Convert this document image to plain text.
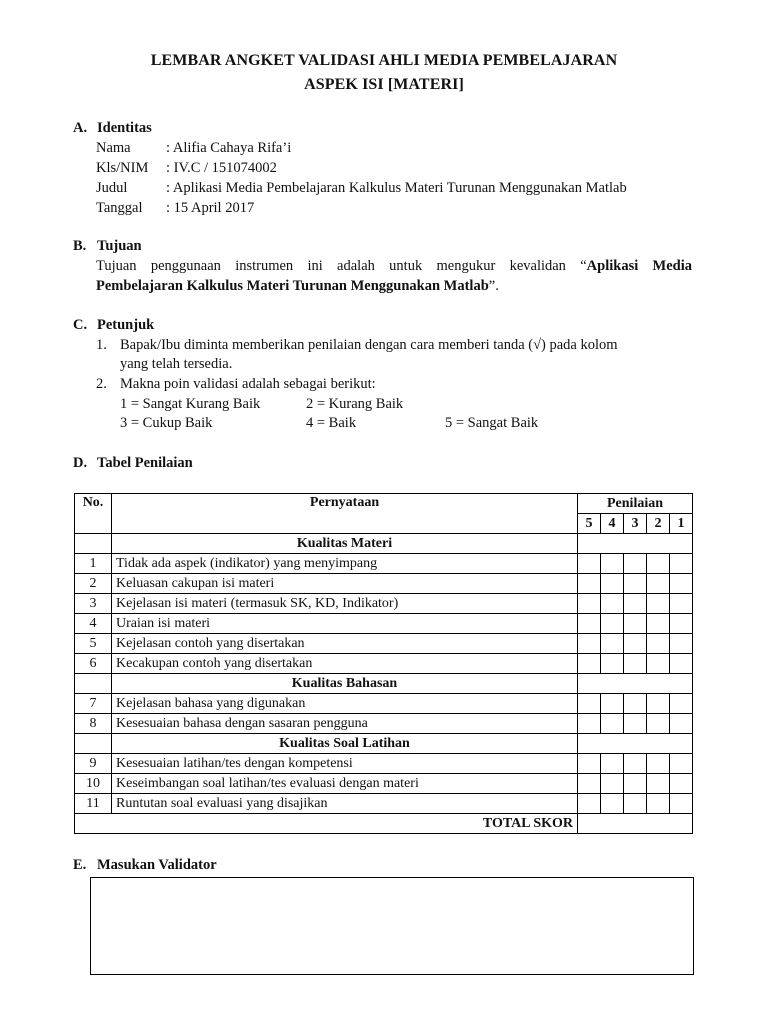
LEMBAR ANGKET VALIDASI AHLI MEDIA PEMBELAJARAN
ASPEK ISI [MATERI]
A. Identitas
Nama : Alifia Cahaya Rifa’i
Kls/NIM : IV.C / 151074002
Judul	: Aplikasi Media Pembelajaran Kalkulus Materi Turunan Menggunakan Matlab
Tanggal : 15 April 2017
B. Tujuan
Tujuan penggunaan instrumen ini adalah untuk mengukur kevalidan “Aplikasi Media
Pembelajaran Kalkulus Materi Turunan Menggunakan Matlab”.
C. Petunjuk
1. Bapak/Ibu diminta memberikan penilaian dengan cara memberi tanda (√) pada kolom
yang telah tersedia.
2. Makna poin validasi adalah sebagai berikut:
1 = Sangat Kurang Baik	2 = Kurang Baik
3 = Cukup Baik	4 = Baik	5 = Sangat Baik
D. Tabel Penilaian
No.	Pernyataan	Penilaian				
		5	4	3	2	1
	Kualitas Materi					
1	Tidak ada aspek (indikator) yang menyimpang					
2	Keluasan cakupan isi materi					
3	Kejelasan isi materi (termasuk SK, KD, Indikator)					
4	Uraian isi materi					
5	Kejelasan contoh yang disertakan					
6	Kecakupan contoh yang disertakan					
	Kualitas Bahasan					
7	Kejelasan bahasa yang digunakan					
8	Kesesuaian bahasa dengan sasaran pengguna					
	Kualitas Soal Latihan					
9	Kesesuaian latihan/tes dengan kompetensi					
10	Keseimbangan soal latihan/tes evaluasi dengan materi					
11	Runtutan soal evaluasi yang disajikan					
TOTAL SKOR						
E. Masukan Validator
